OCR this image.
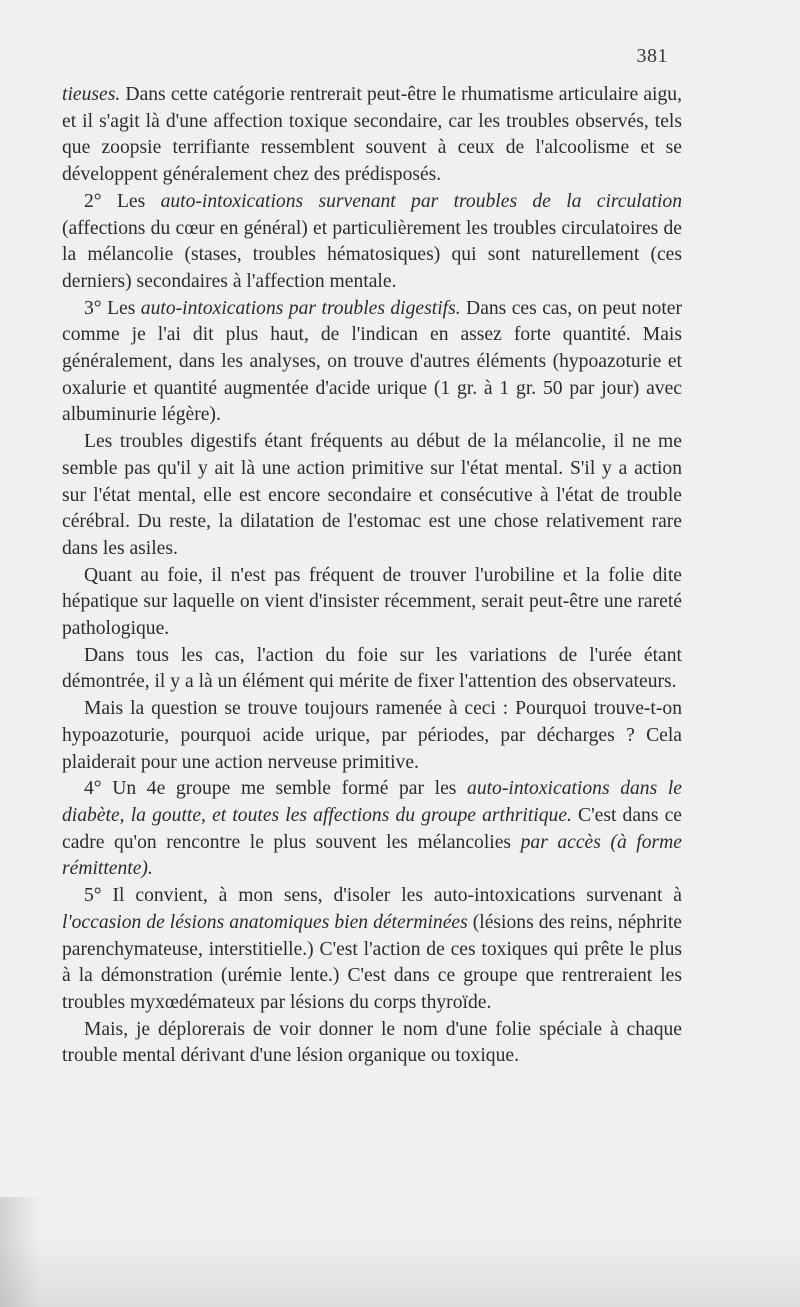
381

tieuses. Dans cette catégorie rentrerait peut-être le rhumatisme articulaire aigu, et il s'agit là d'une affection toxique secondaire, car les troubles observés, tels que zoopsie terrifiante ressemblent souvent à ceux de l'alcoolisme et se développent généralement chez des prédisposés.

2° Les auto-intoxications survenant par troubles de la circulation (affections du cœur en général) et particulièrement les troubles circulatoires de la mélancolie (stases, troubles hématosiques) qui sont naturellement (ces derniers) secondaires à l'affection mentale.

3° Les auto-intoxications par troubles digestifs. Dans ces cas, on peut noter comme je l'ai dit plus haut, de l'indican en assez forte quantité. Mais généralement, dans les analyses, on trouve d'autres éléments (hypoazoturie et oxalurie et quantité augmentée d'acide urique (1 gr. à 1 gr. 50 par jour) avec albuminurie légère).

Les troubles digestifs étant fréquents au début de la mélancolie, il ne me semble pas qu'il y ait là une action primitive sur l'état mental. S'il y a action sur l'état mental, elle est encore secondaire et consécutive à l'état de trouble cérébral. Du reste, la dilatation de l'estomac est une chose relativement rare dans les asiles.

Quant au foie, il n'est pas fréquent de trouver l'urobiline et la folie dite hépatique sur laquelle on vient d'insister récemment, serait peut-être une rareté pathologique.

Dans tous les cas, l'action du foie sur les variations de l'urée étant démontrée, il y a là un élément qui mérite de fixer l'attention des observateurs.

Mais la question se trouve toujours ramenée à ceci : Pourquoi trouve-t-on hypoazoturie, pourquoi acide urique, par périodes, par décharges ? Cela plaiderait pour une action nerveuse primitive.

4° Un 4e groupe me semble formé par les auto-intoxications dans le diabète, la goutte, et toutes les affections du groupe arthritique. C'est dans ce cadre qu'on rencontre le plus souvent les mélancolies par accès (à forme rémittente).

5° Il convient, à mon sens, d'isoler les auto-intoxications survenant à l'occasion de lésions anatomiques bien déterminées (lésions des reins, néphrite parenchymateuse, interstitielle.) C'est l'action de ces toxiques qui prête le plus à la démonstration (urémie lente.) C'est dans ce groupe que rentreraient les troubles myxœdémateux par lésions du corps thyroïde.

Mais, je déplorerais de voir donner le nom d'une folie spéciale à chaque trouble mental dérivant d'une lésion organique ou toxique.
